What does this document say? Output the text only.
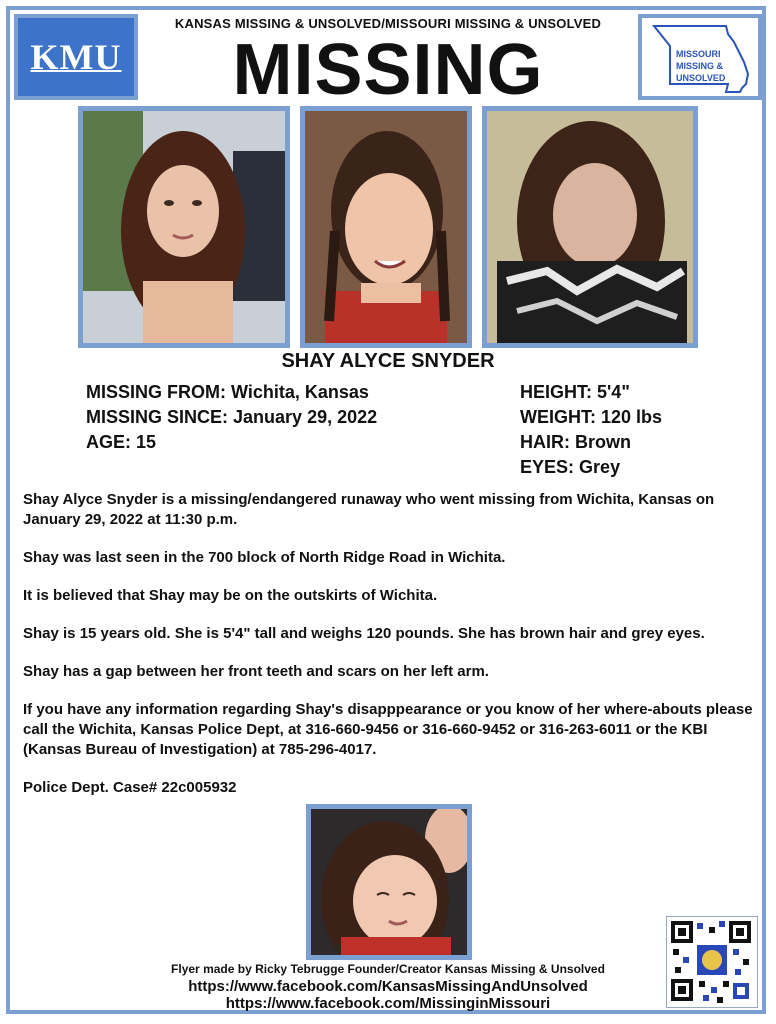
KMU	MISSOURI
MISSING &
UNSOLVED
KANSAS MISSING & UNSOLVED/MISSOURI MISSING & UNSOLVED
MISSING
SHAY ALYCE SNYDER
MISSING FROM: Wichita, Kansas
MISSING SINCE: January 29, 2022
AGE: 15
HEIGHT: 5'4"
WEIGHT: 120 lbs
HAIR: Brown
EYES: Grey

Shay Alyce Snyder is a missing/endangered runaway who went missing from Wichita, Kansas on January 29, 2022 at 11:30 p.m.

Shay was last seen in the 700 block of North Ridge Road in Wichita.

It is believed that Shay may be on the outskirts of Wichita.

Shay is 15 years old. She is 5'4" tall and weighs 120 pounds. She has brown hair and grey eyes.

Shay has a gap between her front teeth and scars on her left arm.

If you have any information regarding Shay's disapppearance or you know of her where-abouts please call the Wichita, Kansas Police Dept, at 316-660-9456 or 316-660-9452 or 316-263-6011 or the KBI (Kansas Bureau of Investigation) at 785-296-4017.

Police Dept. Case# 22c005932

Flyer made by Ricky Tebrugge Founder/Creator Kansas Missing & Unsolved
https://www.facebook.com/KansasMissingAndUnsolved
https://www.facebook.com/MissinginMissouri
